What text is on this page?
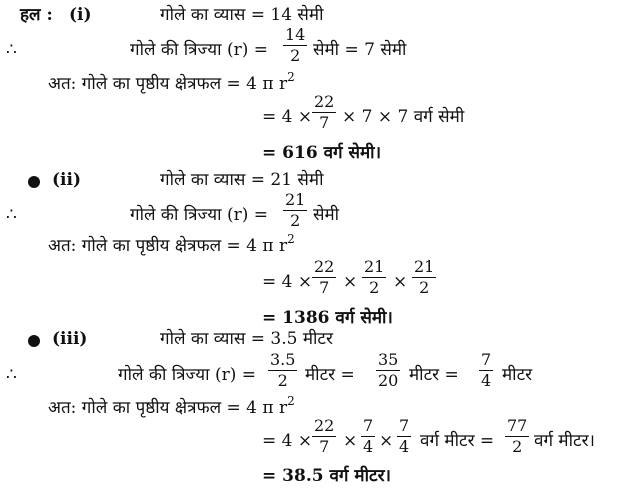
हल : (i)	गोले का व्यास = 14 सेमी
∴	गोले की त्रिज्या $(r) = \frac{14}{2}$ सेमी = 7 सेमी
अत: गोले का पृष्ठीय क्षेत्रफल = 4 π $r^2$
= $4 \times \frac{22}{7} \times 7 \times 7$ वर्ग सेमी
= 616 वर्ग सेमी।
(ii)	गोले का व्यास = 21 सेमी
∴	गोले की त्रिज्या $(r) = \frac{21}{2}$ सेमी
अत: गोले का पृष्ठीय क्षेत्रफल = 4 π $r^2$
= $4 \times \frac{22}{7} \times \frac{21}{2} \times \frac{21}{2}$
= 1386 वर्ग सेमी।
(iii)	गोले का व्यास = 3.5 मीटर
∴	गोले की त्रिज्या $(r) = \frac{3.5}{2}$ मीटर = $\frac{35}{20}$ मीटर = $\frac{7}{4}$ मीटर
अत: गोले का पृष्ठीय क्षेत्रफल = 4 π $r^2$
= $4 \times \frac{22}{7} \times \frac{7}{4} \times \frac{7}{4}$ वर्ग मीटर = $\frac{77}{2}$ वर्ग मीटर।
= 38.5 वर्ग मीटर।
